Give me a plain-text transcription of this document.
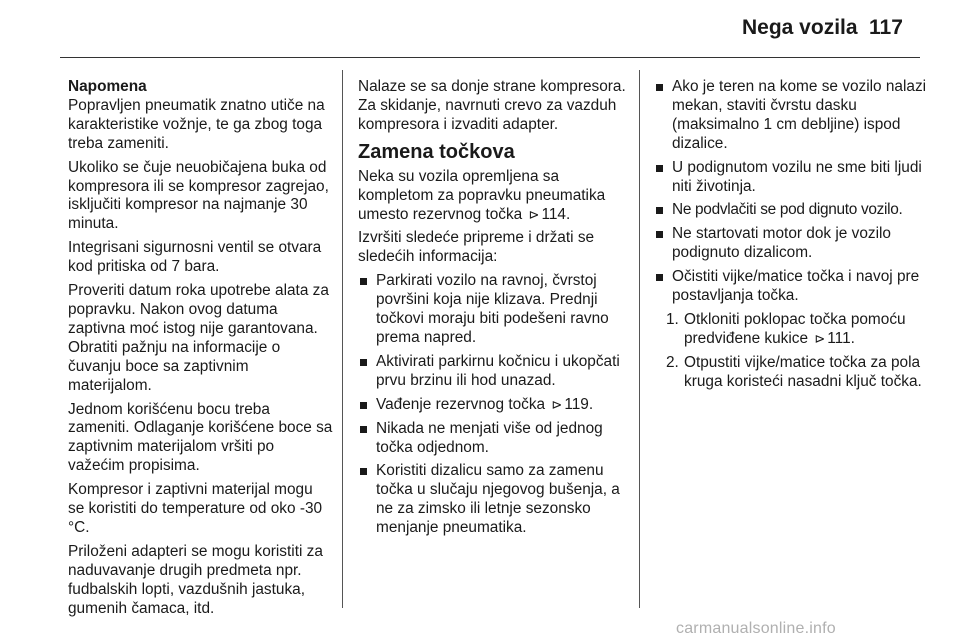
Nega vozila 117

Napomena
Popravljen pneumatik znatno utiče na karakteristike vožnje, te ga zbog toga treba zameniti.

Ukoliko se čuje neuobičajena buka od kompresora ili se kompresor zagrejao, isključiti kompresor na najmanje 30 minuta.

Integrisani sigurnosni ventil se otvara kod pritiska od 7 bara.

Proveriti datum roka upotrebe alata za popravku. Nakon ovog datuma zaptivna moć istog nije garantovana. Obratiti pažnju na informacije o čuvanju boce sa zaptivnim materijalom.

Jednom korišćenu bocu treba zameniti. Odlaganje korišćene boce sa zaptivnim materijalom vršiti po važećim propisima.

Kompresor i zaptivni materijal mogu se koristiti do temperature od oko -30 °C.

Priloženi adapteri se mogu koristiti za naduvavanje drugih predmeta npr. fudbalskih lopti, vazdušnih jastuka, gumenih čamaca, itd.

Nalaze se sa donje strane kompresora. Za skidanje, navrnuti crevo za vazduh kompresora i izvaditi adapter.

Zamena točkova

Neka su vozila opremljena sa kompletom za popravku pneumatika umesto rezervnog točka ⊳ 114.

Izvršiti sledeće pripreme i držati se sledećih informacija:

Parkirati vozilo na ravnoj, čvrstoj površini koja nije klizava. Prednji točkovi moraju biti podešeni ravno prema napred.
Aktivirati parkirnu kočnicu i ukopčati prvu brzinu ili hod unazad.
Vađenje rezervnog točka ⊳ 119.
Nikada ne menjati više od jednog točka odjednom.
Koristiti dizalicu samo za zamenu točka u slučaju njegovog bušenja, a ne za zimsko ili letnje sezonsko menjanje pneumatika.
Ako je teren na kome se vozilo nalazi mekan, staviti čvrstu dasku (maksimalno 1 cm debljine) ispod dizalice.
U podignutom vozilu ne sme biti ljudi niti životinja.
Ne podvlačiti se pod dignuto vozilo.
Ne startovati motor dok je vozilo podignuto dizalicom.
Očistiti vijke/matice točka i navoj pre postavljanja točka.
1. Otkloniti poklopac točka pomoću predviđene kukice ⊳ 111.
2. Otpustiti vijke/matice točka za pola kruga koristeći nasadni ključ točka.
carmanualsonline.info
